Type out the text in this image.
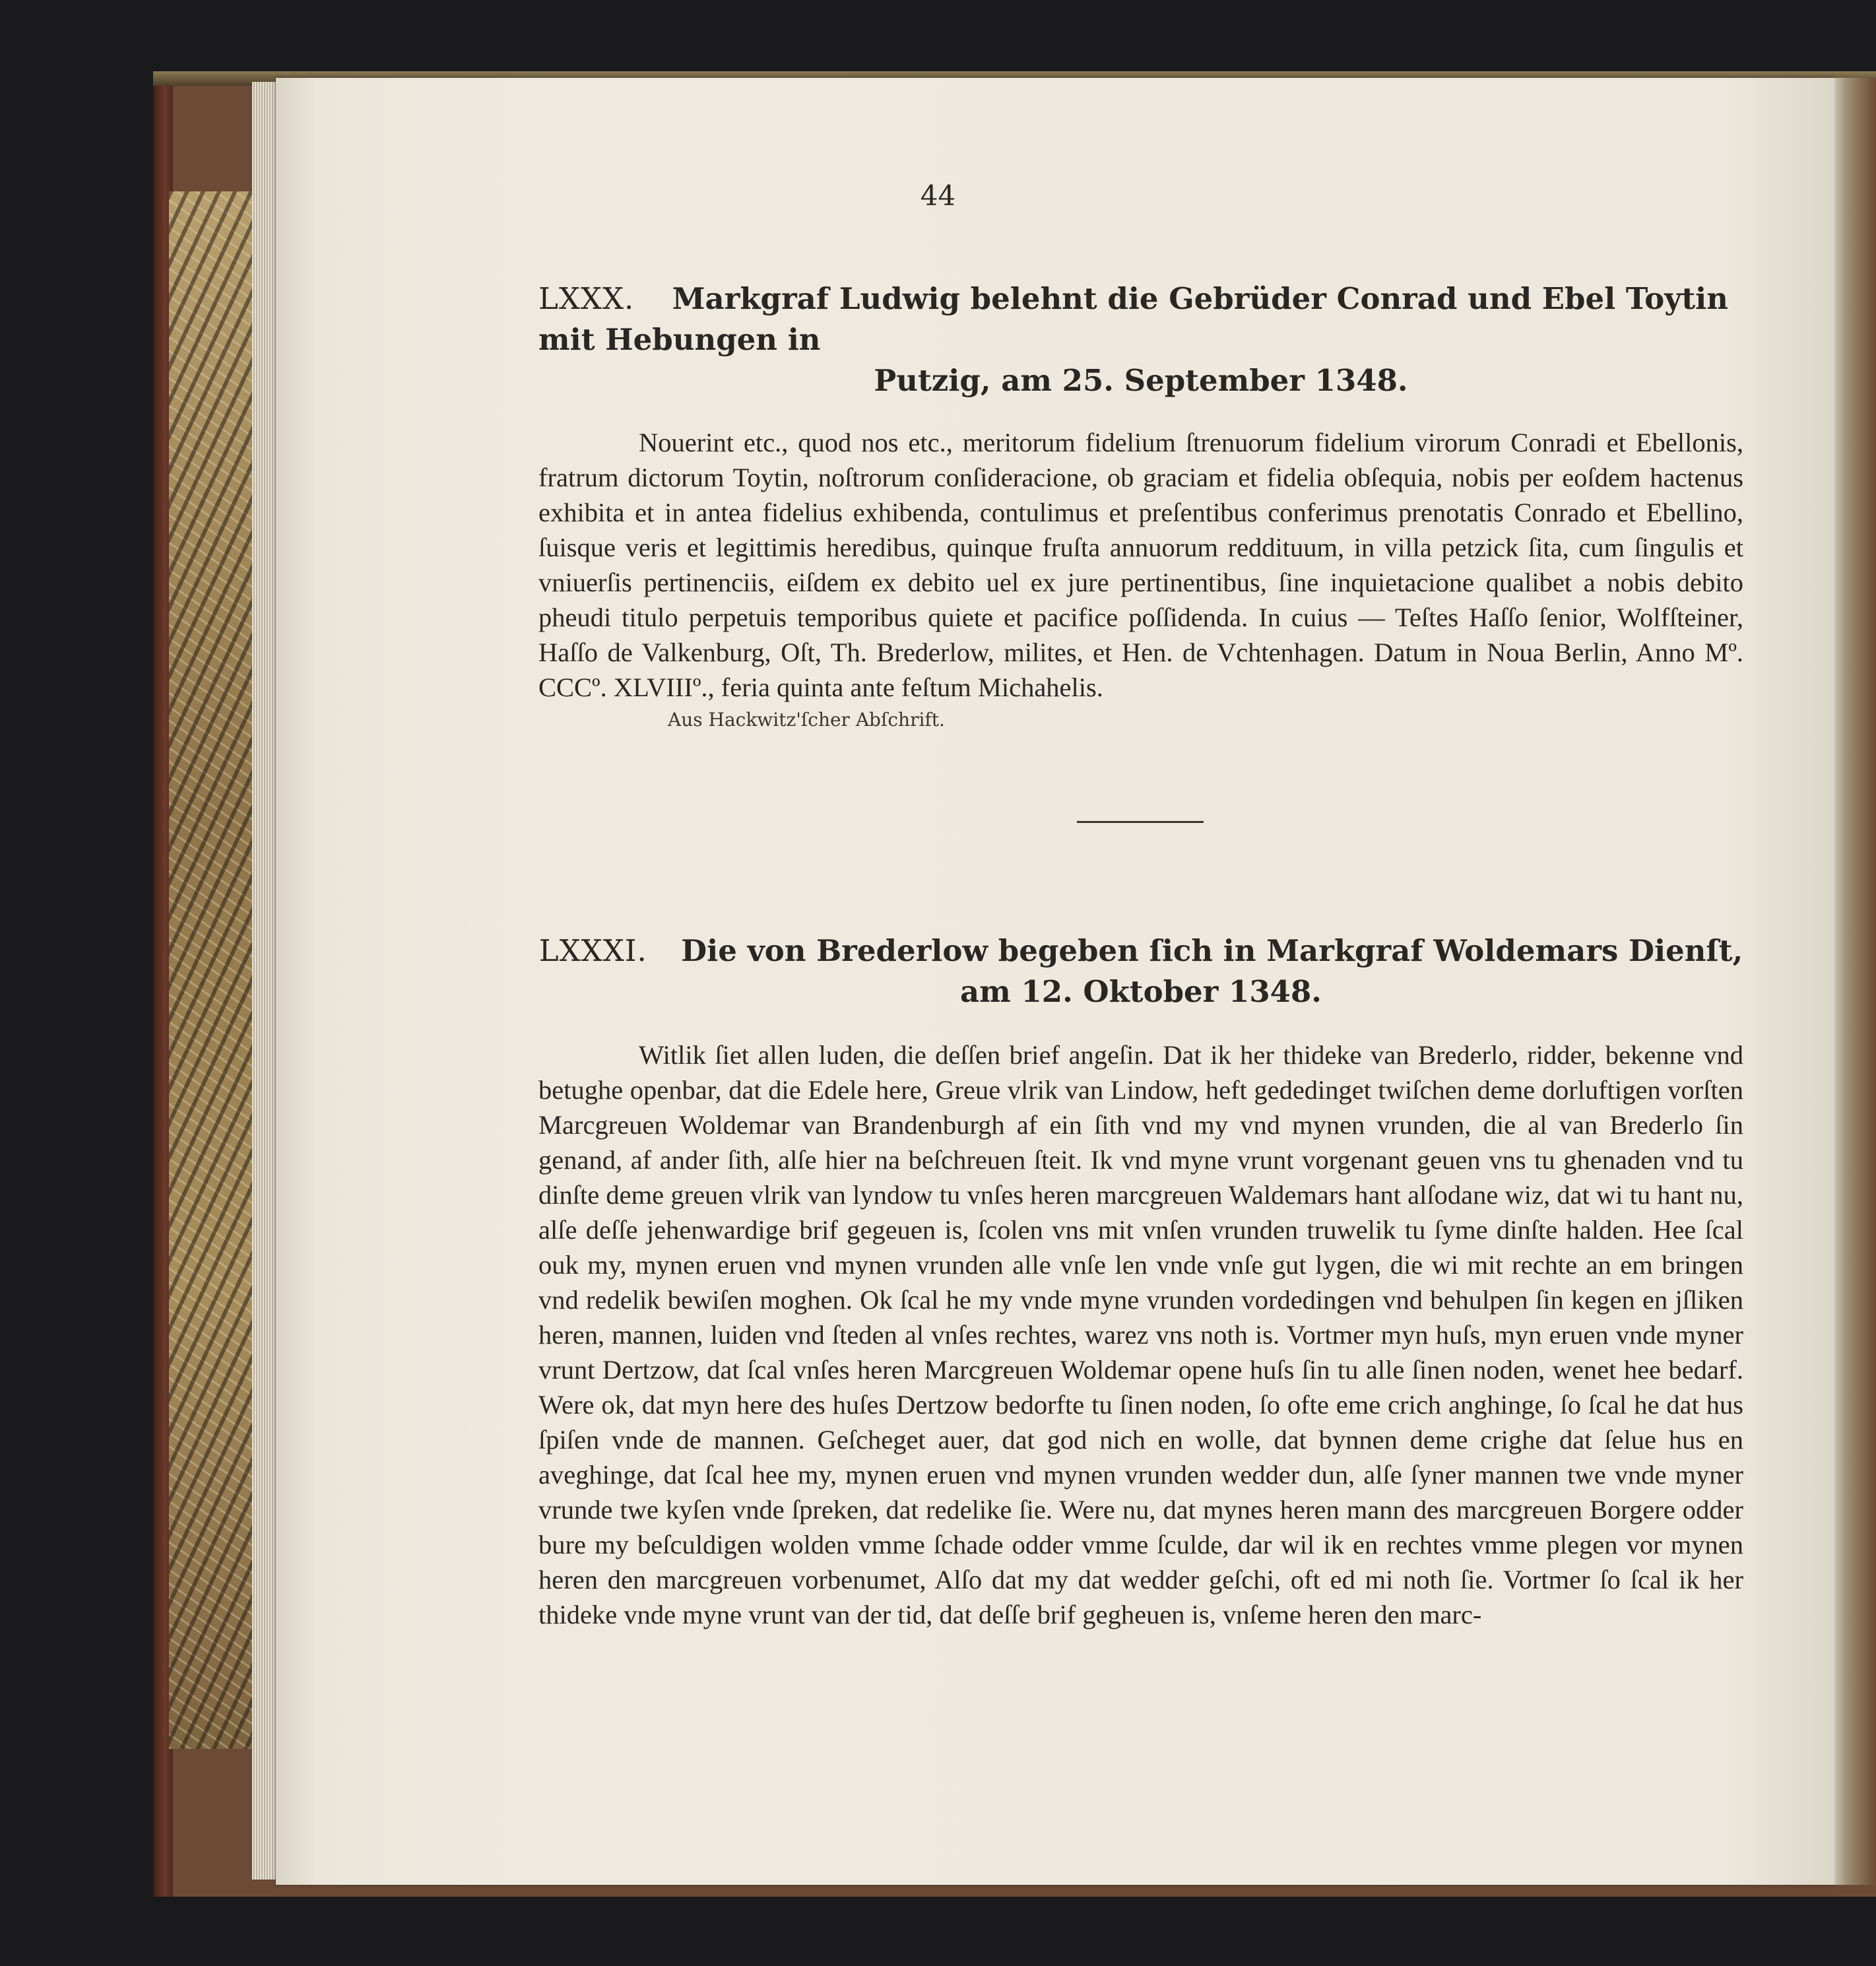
44
LXXX. Markgraf Ludwig belehnt die Gebrüder Conrad und Ebel Toytin mit Hebungen in
Putzig, am 25. September 1348.

Nouerint etc., quod nos etc., meritorum fidelium ſtrenuorum fidelium virorum Conradi et Ebellonis, fratrum dictorum Toytin, noſtrorum conſideracione, ob graciam et fidelia obſequia, nobis per eoſdem hactenus exhibita et in antea fidelius exhibenda, contulimus et preſentibus conferimus prenotatis Conrado et Ebellino, ſuisque veris et legittimis heredibus, quinque fruſta annuorum reddituum, in villa petzick ſita, cum ſingulis et vniuerſis pertinenciis, eiſdem ex debito uel ex jure pertinentibus, ſine inquietacione qualibet a nobis debito pheudi titulo perpetuis temporibus quiete et pacifice poſſidenda. In cuius — Teſtes Haſſo ſenior, Wolfſteiner, Haſſo de Valkenburg, Oſt, Th. Brederlow, milites, et Hen. de Vchtenhagen. Datum in Noua Berlin, Anno Mº. CCCº. XLVIIIº., feria quinta ante feſtum Michahelis.

Aus Hackwitz'ſcher Abſchrift.
LXXXI. Die von Brederlow begeben ſich in Markgraf Woldemars Dienſt,
am 12. Oktober 1348.

Witlik ſiet allen luden, die deſſen brief angeſin. Dat ik her thideke van Brederlo, ridder, bekenne vnd betughe openbar, dat die Edele here, Greue vlrik van Lindow, heft gededinget twiſchen deme dorluftigen vorſten Marcgreuen Woldemar van Brandenburgh af ein ſith vnd my vnd mynen vrunden, die al van Brederlo ſin genand, af ander ſith, alſe hier na beſchreuen ſteit. Ik vnd myne vrunt vorgenant geuen vns tu ghenaden vnd tu dinſte deme greuen vlrik van lyndow tu vnſes heren marcgreuen Waldemars hant alſodane wiz, dat wi tu hant nu, alſe deſſe jehenwardige brif gegeuen is, ſcolen vns mit vnſen vrunden truwelik tu ſyme dinſte halden. Hee ſcal ouk my, mynen eruen vnd mynen vrunden alle vnſe len vnde vnſe gut lygen, die wi mit rechte an em bringen vnd redelik bewiſen moghen. Ok ſcal he my vnde myne vrunden vordedingen vnd behulpen ſin kegen en jſliken heren, mannen, luiden vnd ſteden al vnſes rechtes, warez vns noth is. Vortmer myn huſs, myn eruen vnde myner vrunt Dertzow, dat ſcal vnſes heren Marcgreuen Woldemar opene huſs ſin tu alle ſinen noden, wenet hee bedarf. Were ok, dat myn here des huſes Dertzow bedorfte tu ſinen noden, ſo ofte eme crich anghinge, ſo ſcal he dat hus ſpiſen vnde de mannen. Geſcheget auer, dat god nich en wolle, dat bynnen deme crighe dat ſelue hus en aveghinge, dat ſcal hee my, mynen eruen vnd mynen vrunden wedder dun, alſe ſyner mannen twe vnde myner vrunde twe kyſen vnde ſpreken, dat redelike ſie. Were nu, dat mynes heren mann des marcgreuen Borgere odder bure my beſculdigen wolden vmme ſchade odder vmme ſculde, dar wil ik en rechtes vmme plegen vor mynen heren den marcgreuen vorbenumet, Alſo dat my dat wedder geſchi, oft ed mi noth ſie. Vortmer ſo ſcal ik her thideke vnde myne vrunt van der tid, dat deſſe brif gegheuen is, vnſeme heren den marc-
